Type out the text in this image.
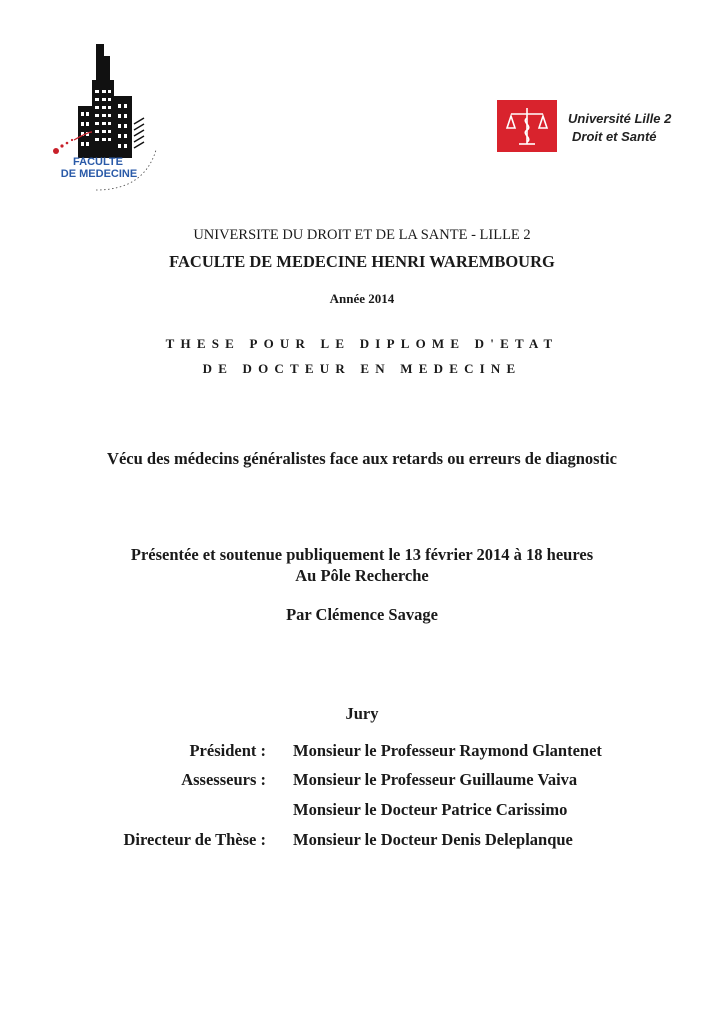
FACULTE
DE MEDECINE
Université Lille 2
Droit et Santé
UNIVERSITE DU DROIT ET DE LA SANTE - LILLE 2
FACULTE DE MEDECINE HENRI WAREMBOURG
Année 2014
THESE POUR LE DIPLOME D'ETAT
DE DOCTEUR EN MEDECINE
Vécu des médecins généralistes face aux retards ou erreurs de diagnostic
Présentée et soutenue publiquement le 13 février 2014 à 18 heures
Au Pôle Recherche
Par Clémence Savage
Jury
Président : Monsieur le Professeur Raymond Glantenet
Assesseurs : Monsieur le Professeur Guillaume Vaiva
Monsieur le Docteur Patrice Carissimo
Directeur de Thèse : Monsieur le Docteur Denis Deleplanque
